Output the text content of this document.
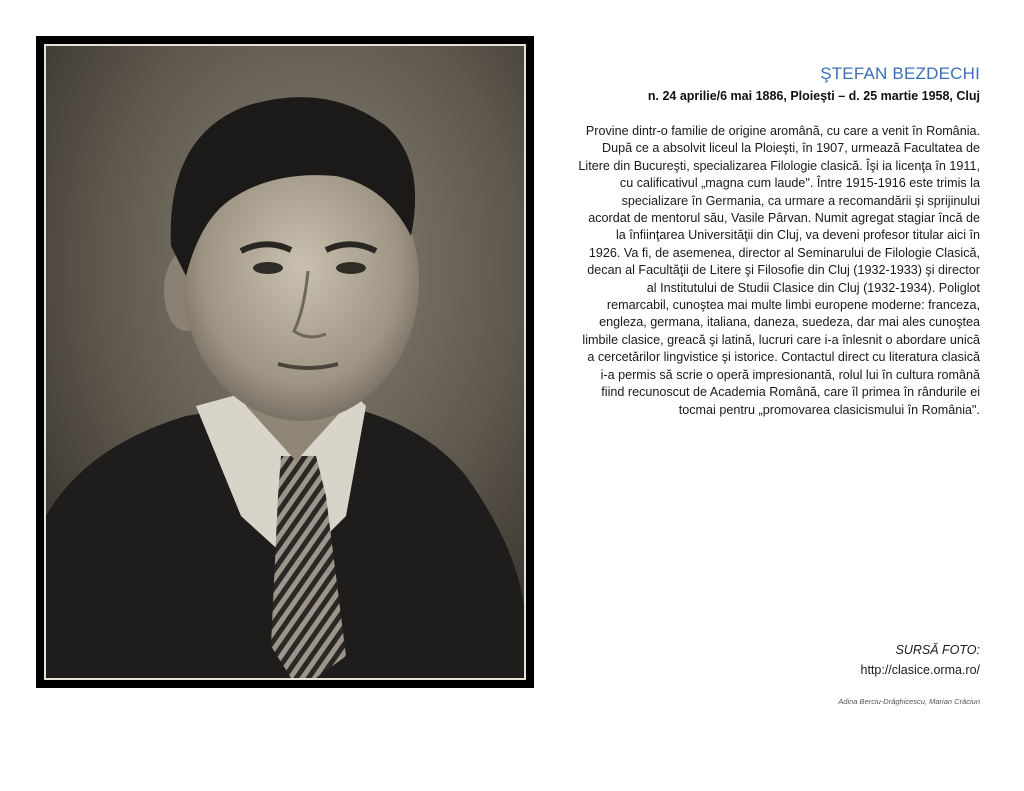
ŞTEFAN BEZDECHI
n. 24 aprilie/6 mai 1886, Ploieşti – d. 25 martie 1958, Cluj
Provine dintr-o familie de origine aromână, cu care a venit în România.
După ce a absolvit liceul la Ploieşti, în 1907, urmează Facultatea de
Litere din Bucureşti, specializarea Filologie clasică. Îşi ia licenţa în 1911,
cu calificativul „magna cum laude". Între 1915-1916 este trimis la
specializare în Germania, ca urmare a recomandării şi sprijinului
acordat de mentorul său, Vasile Pârvan. Numit agregat stagiar încă de
la înfiinţarea Universităţii din Cluj, va deveni profesor titular aici în
1926. Va fi, de asemenea, director al Seminarului de Filologie Clasică,
decan al Facultăţii de Litere şi Filosofie din Cluj (1932-1933) şi director
al Institutului de Studii Clasice din Cluj (1932-1934). Poliglot
remarcabil, cunoştea mai multe limbi europene moderne: franceza,
engleza, germana, italiana, daneza, suedeza, dar mai ales cunoştea
limbile clasice, greacă şi latină, lucruri care i-a înlesnit o abordare unică
a cercetărilor lingvistice şi istorice. Contactul direct cu literatura clasică
i-a permis să scrie o operă impresionantă, rolul lui în cultura română
fiind recunoscut de Academia Română, care îl primea în rândurile ei
tocmai pentru „promovarea clasicismului în România".
SURSĂ FOTO:
http://clasice.orma.ro/
Adina Berciu-Drăghicescu, Marian Crăciun
